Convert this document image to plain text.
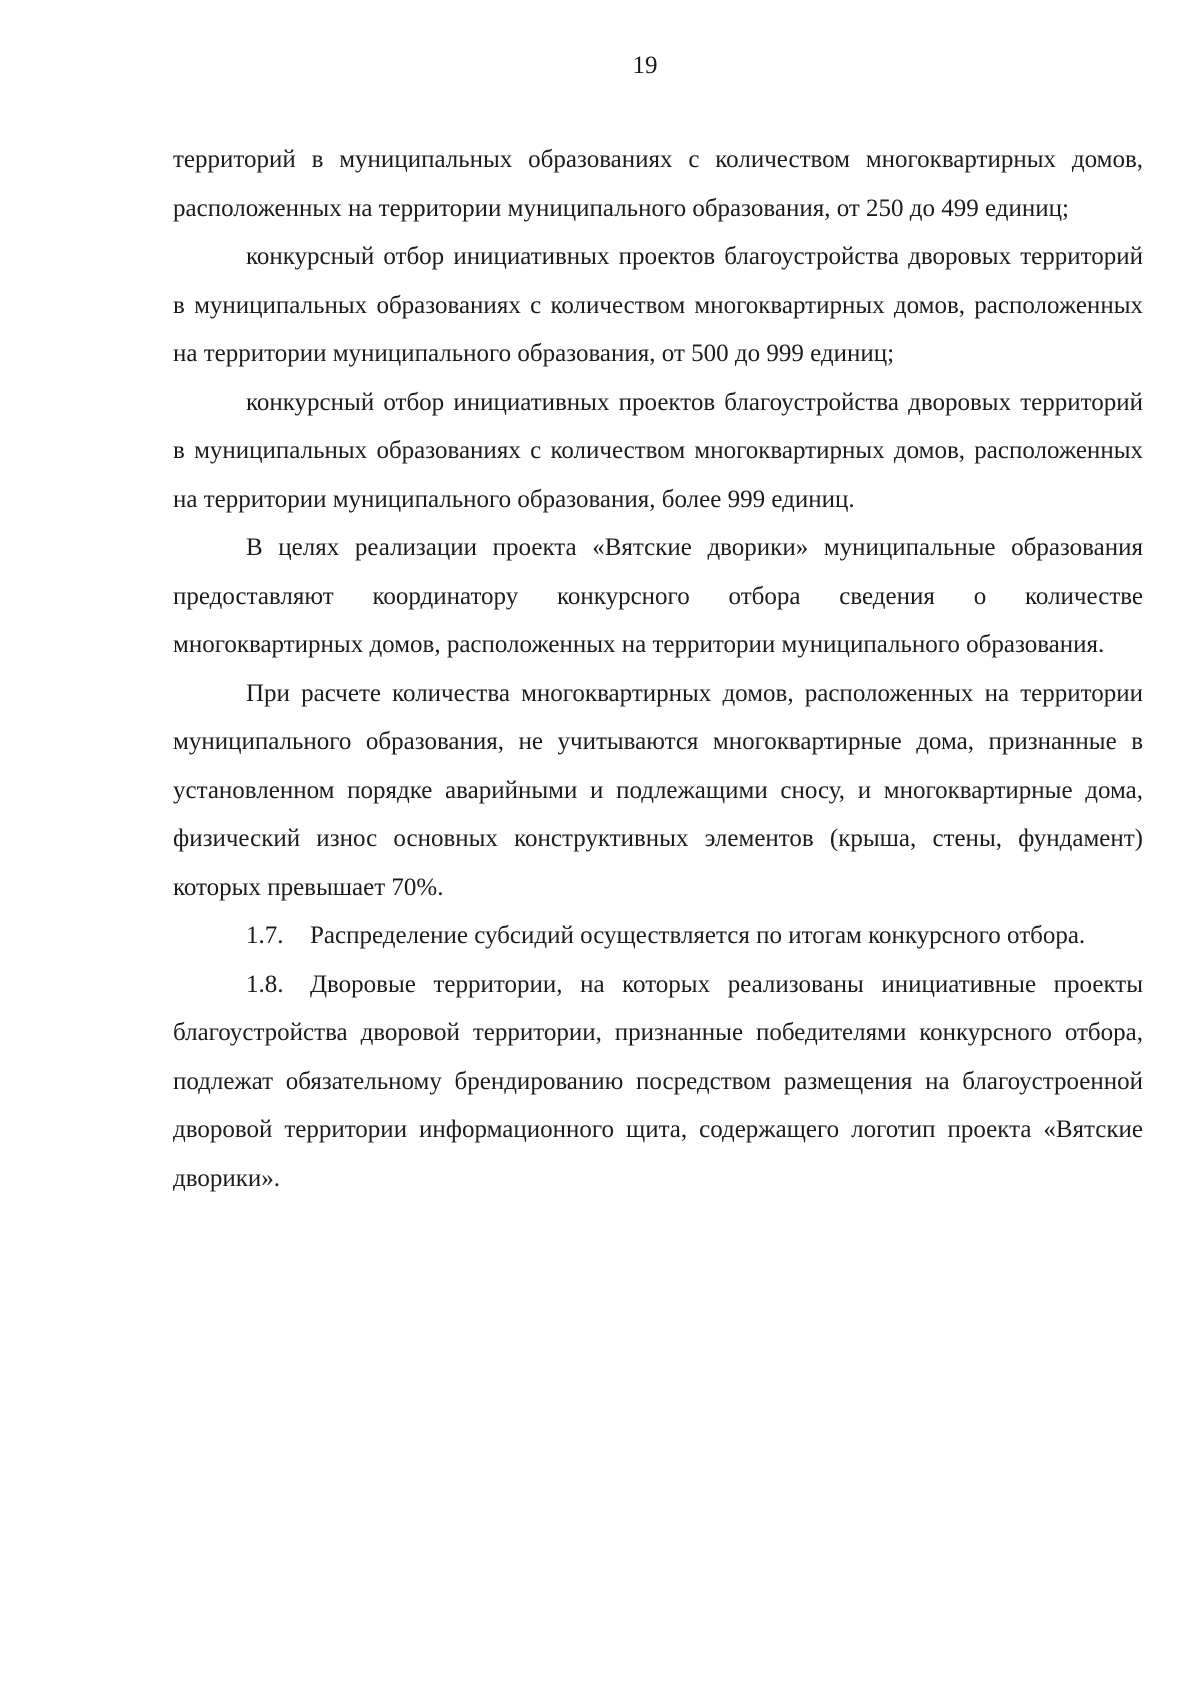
19

территорий в муниципальных образованиях с количеством многоквартирных домов, расположенных на территории муниципального образования, от 250 до 499 единиц;

конкурсный отбор инициативных проектов благоустройства дворовых территорий в муниципальных образованиях с количеством многоквартирных домов, расположенных на территории муниципального образования, от 500 до 999 единиц;

конкурсный отбор инициативных проектов благоустройства дворовых территорий в муниципальных образованиях с количеством многоквартирных домов, расположенных на территории муниципального образования, более 999 единиц.

В целях реализации проекта «Вятские дворики» муниципальные образования предоставляют координатору конкурсного отбора сведения о количестве многоквартирных домов, расположенных на территории муниципального образования.

При расчете количества многоквартирных домов, расположенных на территории муниципального образования, не учитываются многоквартирные дома, признанные в установленном порядке аварийными и подлежащими сносу, и многоквартирные дома, физический износ основных конструктивных элементов (крыша, стены, фундамент) которых превышает 70%.

1.7. Распределение субсидий осуществляется по итогам конкурсного отбора.

1.8. Дворовые территории, на которых реализованы инициативные проекты благоустройства дворовой территории, признанные победителями конкурсного отбора, подлежат обязательному брендированию посредством размещения на благоустроенной дворовой территории информационного щита, содержащего логотип проекта «Вятские дворики».
